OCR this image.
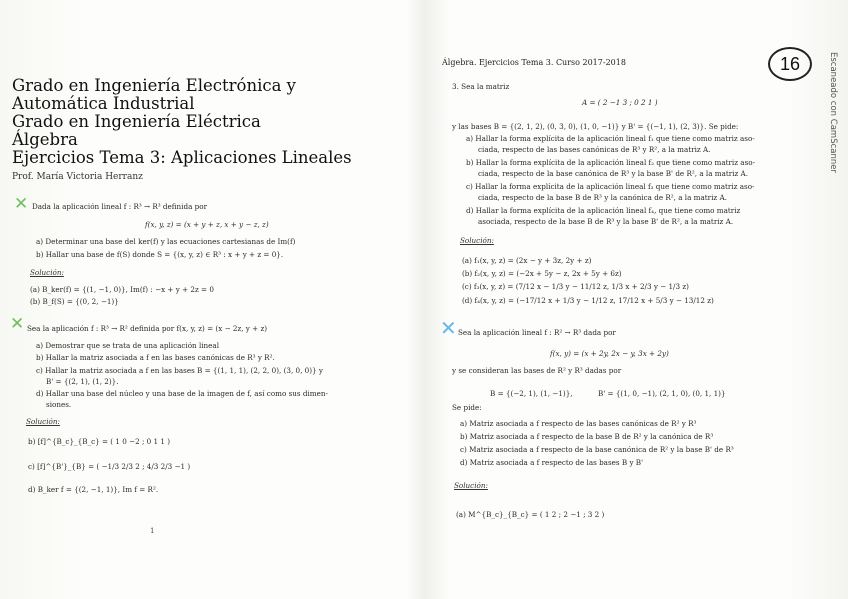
Grado en Ingeniería Electrónica y
Automática Industrial
Grado en Ingeniería Eléctrica
Álgebra
Ejercicios Tema 3: Aplicaciones Lineales
Prof. María Victoria Herranz
✕ Dada la aplicación lineal f : R³ → R³ definida por
f(x, y, z) = (x + y + z, x + y − z, z)
a) Determinar una base del ker(f) y las ecuaciones cartesianas de Im(f)
b) Hallar una base de f(S) donde S = {(x, y, z) ∈ R³ : x + y + z = 0}.
Solución:
(a) B_ker(f) = {(1, −1, 0)}, Im(f) : −x + y + 2z = 0
(b) B_f(S) = {(0, 2, −1)}
✕ Sea la aplicación f : R³ → R² definida por f(x, y, z) = (x − 2z, y + z)
a) Demostrar que se trata de una aplicación lineal
b) Hallar la matriz asociada a f en las bases canónicas de R³ y R².
c) Hallar la matriz asociada a f en las bases B = {(1, 1, 1), (2, 2, 0), (3, 0, 0)} y
B' = {(2, 1), (1, 2)}.
d) Hallar una base del núcleo y una base de la imagen de f, así como sus dimen-
siones.
Solución:
b) [f]^{B_c}_{B_c} = ( 1 0 −2 ; 0 1 1 )
c) [f]^{B'}_{B} = ( −1/3 2/3 2 ; 4/3 2/3 −1 )
d) B_ker f = {(2, −1, 1)}, Im f = R².
1
Álgebra. Ejercicios Tema 3. Curso 2017-2018
3. Sea la matriz
A = ( 2 −1 3 ; 0 2 1 )
y las bases B = {(2, 1, 2), (0, 3, 0), (1, 0, −1)} y B' = {(−1, 1), (2, 3)}. Se pide:
a) Hallar la forma explícita de la aplicación lineal f₁ que tiene como matriz aso-
ciada, respecto de las bases canónicas de R³ y R², a la matriz A.
b) Hallar la forma explícita de la aplicación lineal f₂ que tiene como matriz aso-
ciada, respecto de la base canónica de R³ y la base B' de R², a la matriz A.
c) Hallar la forma explícita de la aplicación lineal f₃ que tiene como matriz aso-
ciada, respecto de la base B de R³ y la canónica de R², a la matriz A.
d) Hallar la forma explícita de la aplicación lineal f₄, que tiene como matriz
asociada, respecto de la base B de R³ y la base B' de R², a la matriz A.
Solución:
(a) f₁(x, y, z) = (2x − y + 3z, 2y + z)
(b) f₂(x, y, z) = (−2x + 5y − z, 2x + 5y + 6z)
(c) f₃(x, y, z) = (7/12 x − 1/3 y − 11/12 z, 1/3 x + 2/3 y − 1/3 z)
(d) f₄(x, y, z) = (−17/12 x + 1/3 y − 1/12 z, 17/12 x + 5/3 y − 13/12 z)
✕ Sea la aplicación lineal f : R² → R³ dada por
f(x, y) = (x + 2y, 2x − y, 3x + 2y)
y se consideran las bases de R² y R³ dadas por
B = {(−2, 1), (1, −1)},	B' = {(1, 0, −1), (2, 1, 0), (0, 1, 1)}
Se pide:
a) Matriz asociada a f respecto de las bases canónicas de R² y R³
b) Matriz asociada a f respecto de la base B de R² y la canónica de R³
c) Matriz asociada a f respecto de la base canónica de R² y la base B' de R³
d) Matriz asociada a f respecto de las bases B y B'
Solución:
(a) M^{B_c}_{B_c} = ( 1 2 ; 2 −1 ; 3 2 )
16	Escaneado con CamScanner
